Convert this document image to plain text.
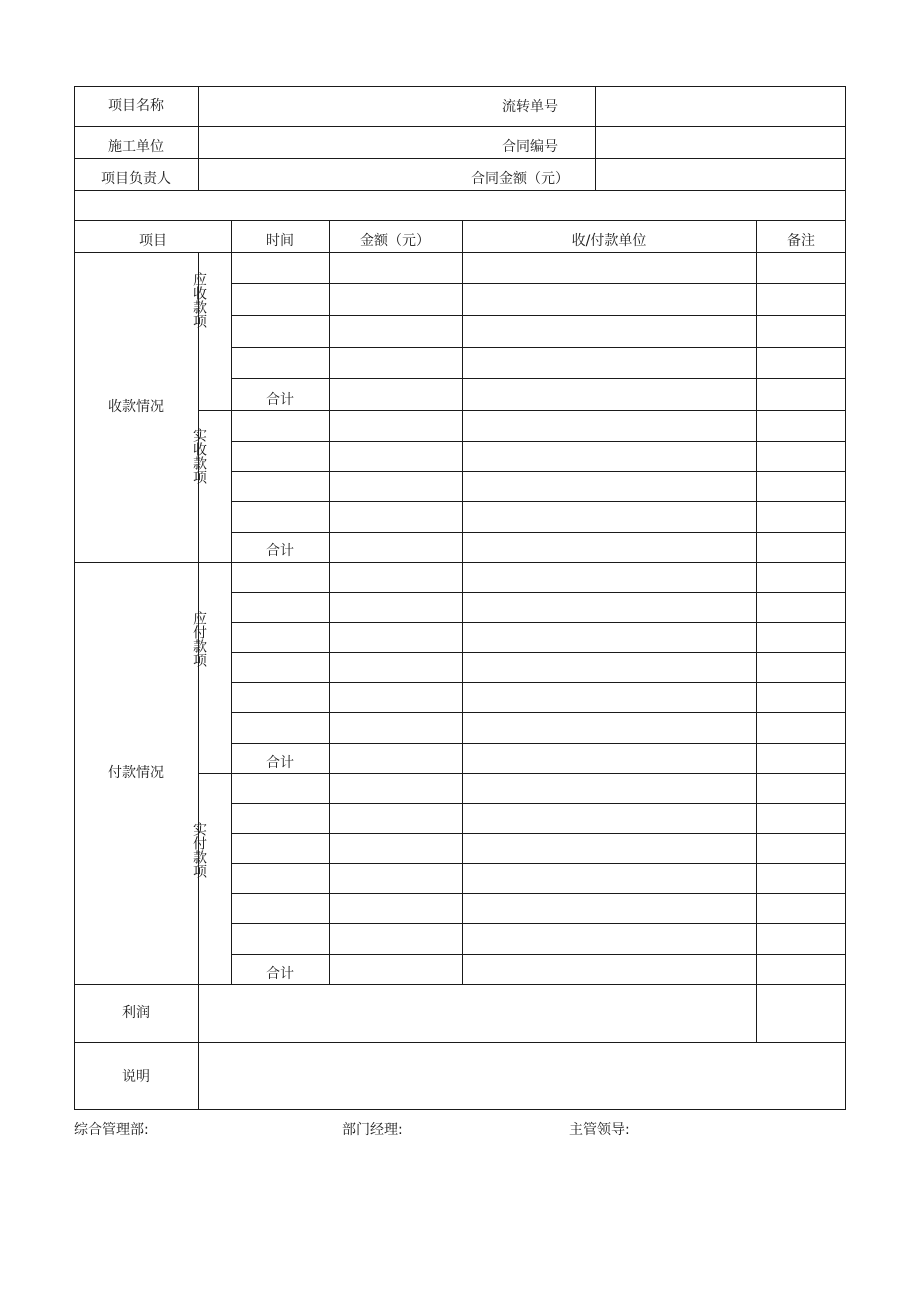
项目名称	流转单号
施工单位	合同编号
项目负责人	合同金额（元）
项目	时间	金额（元）	收/付款单位	备注
收款情况
应收款项
合计
实收款项
合计
付款情况
应付款项
合计
实付款项
合计
利润
说明
综合管理部:	部门经理:	主管领导:
